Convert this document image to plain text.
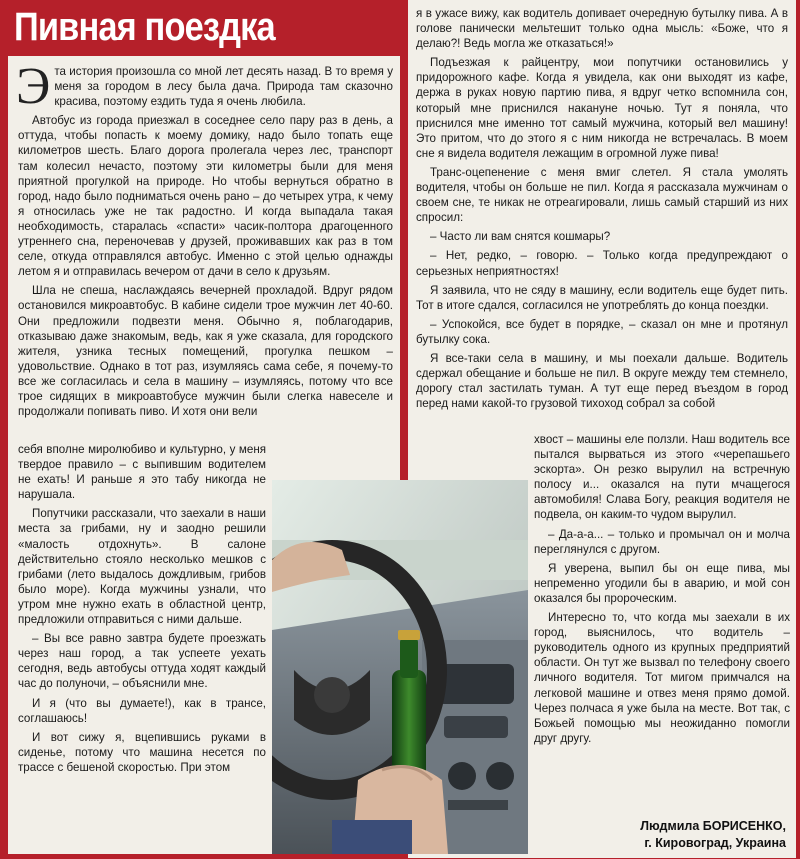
Пивная поездка

Эта история произошла со мной лет десять назад. В то время у меня за городом в лесу была дача. Природа там сказочно красива, поэтому ездить туда я очень любила.

Автобус из города приезжал в соседнее село пару раз в день, а оттуда, чтобы попасть к моему домику, надо было топать еще километров шесть. Благо дорога пролегала через лес, транспорт там колесил нечасто, поэтому эти километры были для меня приятной прогулкой на природе. Но чтобы вернуться обратно в город, надо было подниматься очень рано – до четырех утра, к чему я относилась уже не так радостно. И когда выпадала такая необходимость, старалась «спасти» часик-полтора драгоценного утреннего сна, переночевав у друзей, проживавших как раз в том селе, откуда отправлялся автобус. Именно с этой целью однажды летом я и отправилась вечером от дачи в село к друзьям.

Шла не спеша, наслаждаясь вечерней прохладой. Вдруг рядом остановился микроавтобус. В кабине сидели трое мужчин лет 40-60. Они предложили подвезти меня. Обычно я, поблагодарив, отказываю даже знакомым, ведь, как я уже сказала, для городского жителя, узника тесных помещений, прогулка пешком – удовольствие. Однако в тот раз, изумляясь сама себе, я почему-то все же согласилась и села в машину – изумляясь, потому что все трое сидящих в микроавтобусе мужчин были слегка навеселе и продолжали попивать пиво. И хотя они вели

себя вполне миролюбиво и культурно, у меня твердое правило – с выпившим водителем не ехать! И раньше я это табу никогда не нарушала.

Попутчики рассказали, что заехали в наши места за грибами, ну и заодно решили «малость отдохнуть». В салоне действительно стояло несколько мешков с грибами (лето выдалось дождливым, грибов было море). Когда мужчины узнали, что утром мне нужно ехать в областной центр, предложили отправиться с ними дальше.

– Вы все равно завтра будете проезжать через наш город, а так успеете уехать сегодня, ведь автобусы оттуда ходят каждый час до полуночи, – объяснили мне.

И я (что вы думаете!), как в трансе, соглашаюсь!

И вот сижу я, вцепившись руками в сиденье, потому что машина несется по трассе с бешеной скоростью. При этом

я в ужасе вижу, как водитель допивает очередную бутылку пива. А в голове панически мельтешит только одна мысль: «Боже, что я делаю?! Ведь могла же отказаться!»

Подъезжая к райцентру, мои попутчики остановились у придорожного кафе. Когда я увидела, как они выходят из кафе, держа в руках новую партию пива, я вдруг четко вспомнила сон, который мне приснился накануне ночью. Тут я поняла, что приснился мне именно тот самый мужчина, который вел машину! Это притом, что до этого я с ним никогда не встречалась. В моем сне я видела водителя лежащим в огромной луже пива!

Транс-оцепенение с меня вмиг слетел. Я стала умолять водителя, чтобы он больше не пил. Когда я рассказала мужчинам о своем сне, те никак не отреагировали, лишь самый старший из них спросил:

– Часто ли вам снятся кошмары?

– Нет, редко, – говорю. – Только когда предупреждают о серьезных неприятностях!

Я заявила, что не сяду в машину, если водитель еще будет пить. Тот в итоге сдался, согласился не употреблять до конца поездки.

– Успокойся, все будет в порядке, – сказал он мне и протянул бутылку сока.

Я все-таки села в машину, и мы поехали дальше. Водитель сдержал обещание и больше не пил. В округе между тем стемнело, дорогу стал застилать туман. А тут еще перед въездом в город перед нами какой-то грузовой тихоход собрал за собой

хвост – машины еле ползли. Наш водитель все пытался вырваться из этого «черепашьего эскорта». Он резко вырулил на встречную полосу и... оказался на пути мчащегося автомобиля! Слава Богу, реакция водителя не подвела, он каким-то чудом вырулил.

– Да-а-а... – только и промычал он и молча переглянулся с другом.

Я уверена, выпил бы он еще пива, мы непременно угодили бы в аварию, и мой сон оказался бы пророческим.

Интересно то, что когда мы заехали в их город, выяснилось, что водитель – руководитель одного из крупных предприятий области. Он тут же вызвал по телефону своего личного водителя. Тот мигом примчался на легковой машине и отвез меня прямо домой. Через полчаса я уже была на месте. Вот так, с Божьей помощью мы неожиданно помогли друг другу.

Людмила БОРИСЕНКО,
г. Кировоград, Украина
